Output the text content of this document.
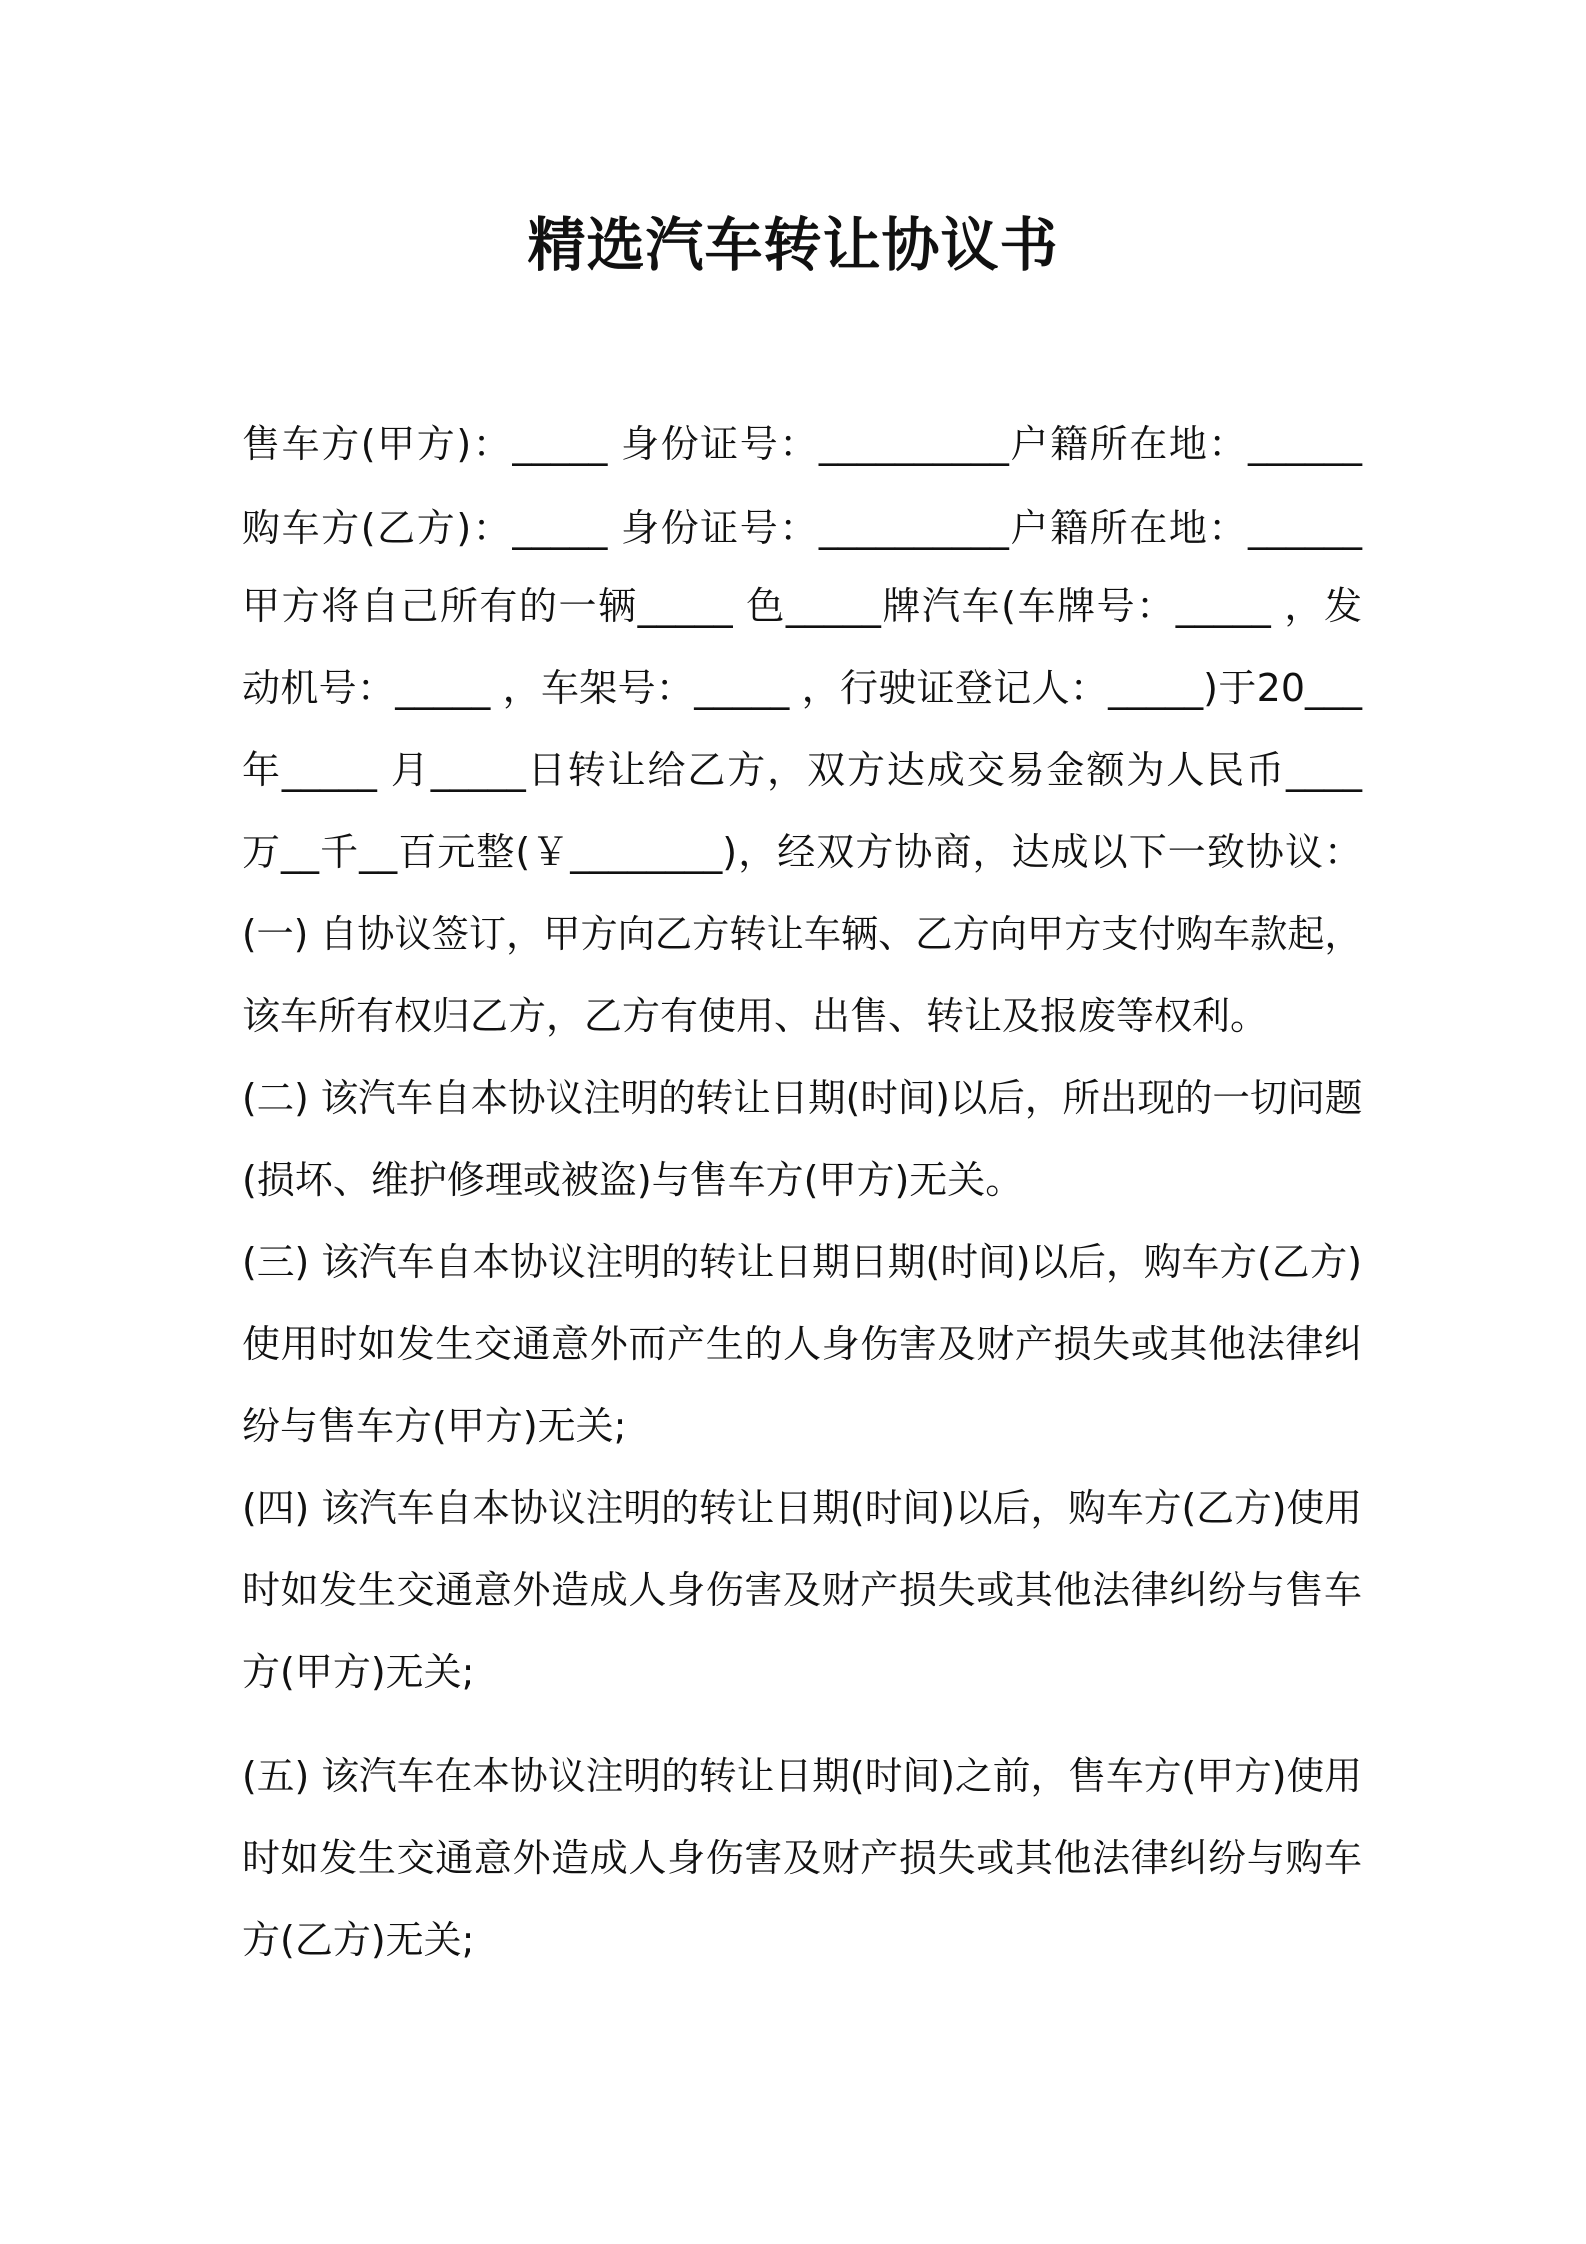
精选汽车转让协议书
售车方(甲方)：_____ 身份证号：__________户籍所在地：______
购车方(乙方)：_____ 身份证号：__________户籍所在地：______
甲方将自己所有的一辆_____ 色_____牌汽车(车牌号：_____ ，发
动机号：_____ ，车架号：_____ ，行驶证登记人：_____)于20___
年_____ 月_____日转让给乙方，双方达成交易金额为人民币____
万__千__百元整(￥________)，经双方协商，达成以下一致协议：
(一) 自协议签订，甲方向乙方转让车辆、乙方向甲方支付购车款起，
该车所有权归乙方，乙方有使用、出售、转让及报废等权利。
(二) 该汽车自本协议注明的转让日期(时间)以后，所出现的一切问题
(损坏、维护修理或被盗)与售车方(甲方)无关。
(三) 该汽车自本协议注明的转让日期日期(时间)以后，购车方(乙方)
使用时如发生交通意外而产生的人身伤害及财产损失或其他法律纠
纷与售车方(甲方)无关;
(四) 该汽车自本协议注明的转让日期(时间)以后，购车方(乙方)使用
时如发生交通意外造成人身伤害及财产损失或其他法律纠纷与售车
方(甲方)无关;
(五) 该汽车在本协议注明的转让日期(时间)之前，售车方(甲方)使用
时如发生交通意外造成人身伤害及财产损失或其他法律纠纷与购车
方(乙方)无关;
